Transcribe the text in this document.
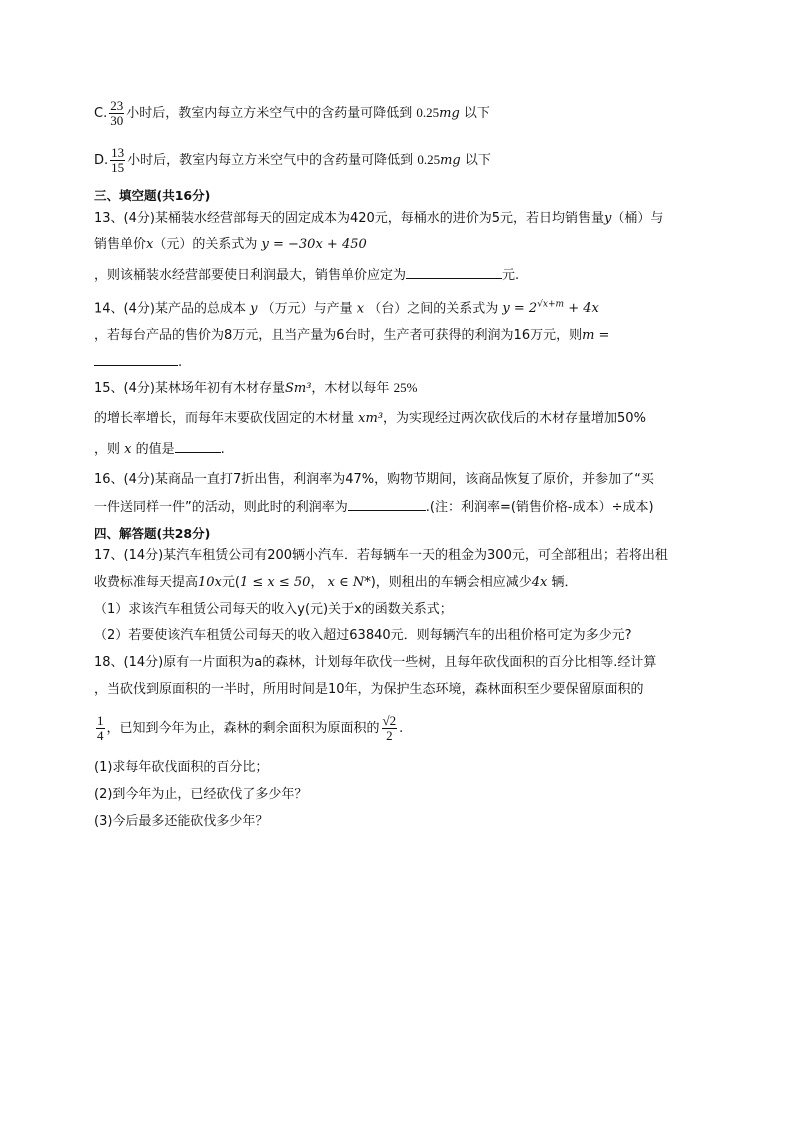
C. $\frac{23}{30}$ 小时后，教室内每立方米空气中的含药量可降低到 0.25mg 以下
D. $\frac{13}{15}$ 小时后，教室内每立方米空气中的含药量可降低到 0.25mg 以下
三、填空题(共16分)
13、(4分)某桶装水经营部每天的固定成本为420元，每桶水的进价为5元，若日均销售量y（桶）与
销售单价x（元）的关系式为 y = −30x + 450
，则该桶装水经营部要使日利润最大，销售单价应定为	元.
14、(4分)某产品的总成本 y （万元）与产量 x （台）之间的关系式为 $y = 2^{√x+m} + 4x$
，若每台产品的售价为8万元，且当产量为6台时，生产者可获得的利润为16万元，则m =
.
15、(4分)某林场年初有木材存量Sm³，木材以每年 25%
的增长率增长，而每年末要砍伐固定的木材量 xm³，为实现经过两次砍伐后的木材存量增加50%
，则 x 的值是	.
16、(4分)某商品一直打7折出售，利润率为47%，购物节期间，该商品恢复了原价，并参加了“买
一件送同样一件”的活动，则此时的利润率为	.(注：利润率=(销售价格-成本）÷成本)
四、解答题(共28分)
17、(14分)某汽车租赁公司有200辆小汽车．若每辆车一天的租金为300元，可全部租出；若将出租
收费标准每天提高10x元(1 ≤ x ≤ 50， x ∈ N*)，则租出的车辆会相应减少4x 辆．
（1）求该汽车租赁公司每天的收入y(元)关于x的函数关系式；
（2）若要使该汽车租赁公司每天的收入超过63840元．则每辆汽车的出租价格可定为多少元?
18、(14分)原有一片面积为a的森林，计划每年砍伐一些树，且每年砍伐面积的百分比相等.经计算
，当砍伐到原面积的一半时，所用时间是10年，为保护生态环境，森林面积至少要保留原面积的
$\frac{1}{4}$ ，已知到今年为止，森林的剩余面积为原面积的 $\frac{√2}{2}$ .
(1)求每年砍伐面积的百分比；
(2)到今年为止，已经砍伐了多少年？
(3)今后最多还能砍伐多少年？
